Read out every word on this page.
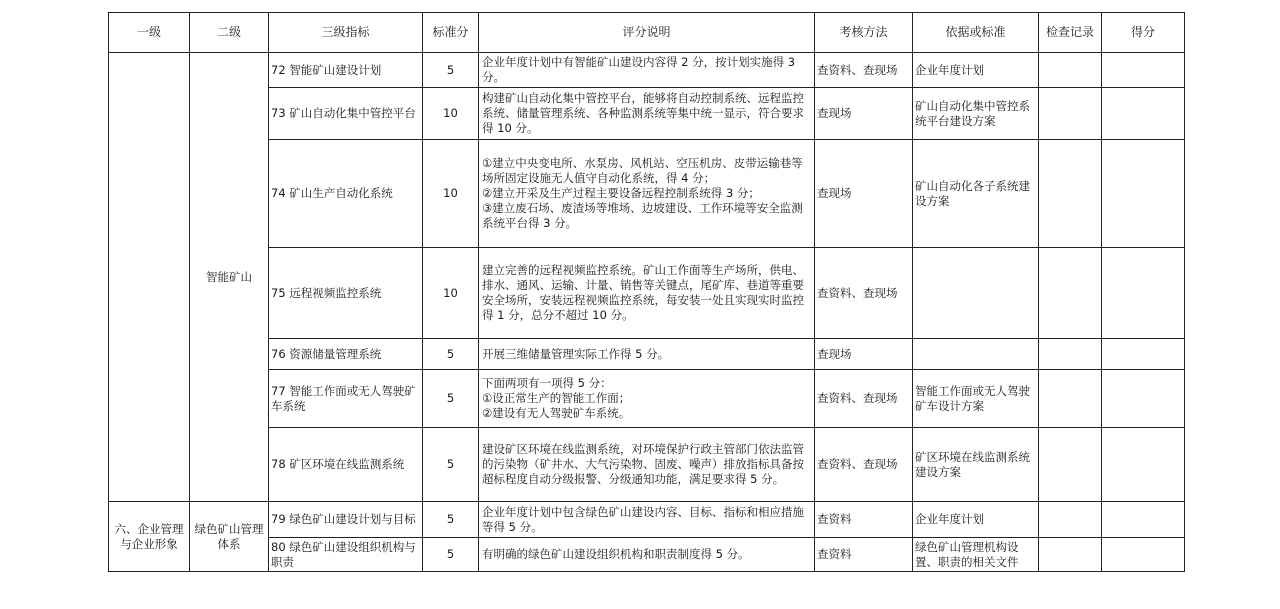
一级	二级	三级指标	标准分	评分说明	考核方法	依据或标准	检查记录	得分
	智能矿山	72 智能矿山建设计划	5	企业年度计划中有智能矿山建设内容得 2 分，按计划实施得 3 分。	查资料、查现场	企业年度计划		
		73 矿山自动化集中管控平台	10	构建矿山自动化集中管控平台，能够将自动控制系统、远程监控系统、储量管理系统、各种监测系统等集中统一显示，符合要求得 10 分。	查现场	矿山自动化集中管控系统平台建设方案		
		74 矿山生产自动化系统	10	①建立中央变电所、水泵房、风机站、空压机房、皮带运输巷等场所固定设施无人值守自动化系统，得 4 分；
②建立开采及生产过程主要设备远程控制系统得 3 分；
③建立废石场、废渣场等堆场、边坡建设、工作环境等安全监测系统平台得 3 分。	查现场	矿山自动化各子系统建设方案		
		75 远程视频监控系统	10	建立完善的远程视频监控系统。矿山工作面等生产场所，供电、排水、通风、运输、计量、销售等关键点，尾矿库、巷道等重要安全场所，安装远程视频监控系统，每安装一处且实现实时监控得 1 分，总分不超过 10 分。	查资料、查现场			
		76 资源储量管理系统	5	开展三维储量管理实际工作得 5 分。	查现场			
		77 智能工作面或无人驾驶矿车系统	5	下面两项有一项得 5 分：
①设正常生产的智能工作面；
②建设有无人驾驶矿车系统。	查资料、查现场	智能工作面或无人驾驶矿车设计方案		
		78 矿区环境在线监测系统	5	建设矿区环境在线监测系统，对环境保护行政主管部门依法监管的污染物（矿井水、大气污染物、固废、噪声）排放指标具备按超标程度自动分级报警、分级通知功能，满足要求得 5 分。	查资料、查现场	矿区环境在线监测系统建设方案		
六、企业管理与企业形象	绿色矿山管理体系	79 绿色矿山建设计划与目标	5	企业年度计划中包含绿色矿山建设内容、目标、指标和相应措施等得 5 分。	查资料	企业年度计划		
		80 绿色矿山建设组织机构与职责	5	有明确的绿色矿山建设组织机构和职责制度得 5 分。	查资料	绿色矿山管理机构设置、职责的相关文件		
